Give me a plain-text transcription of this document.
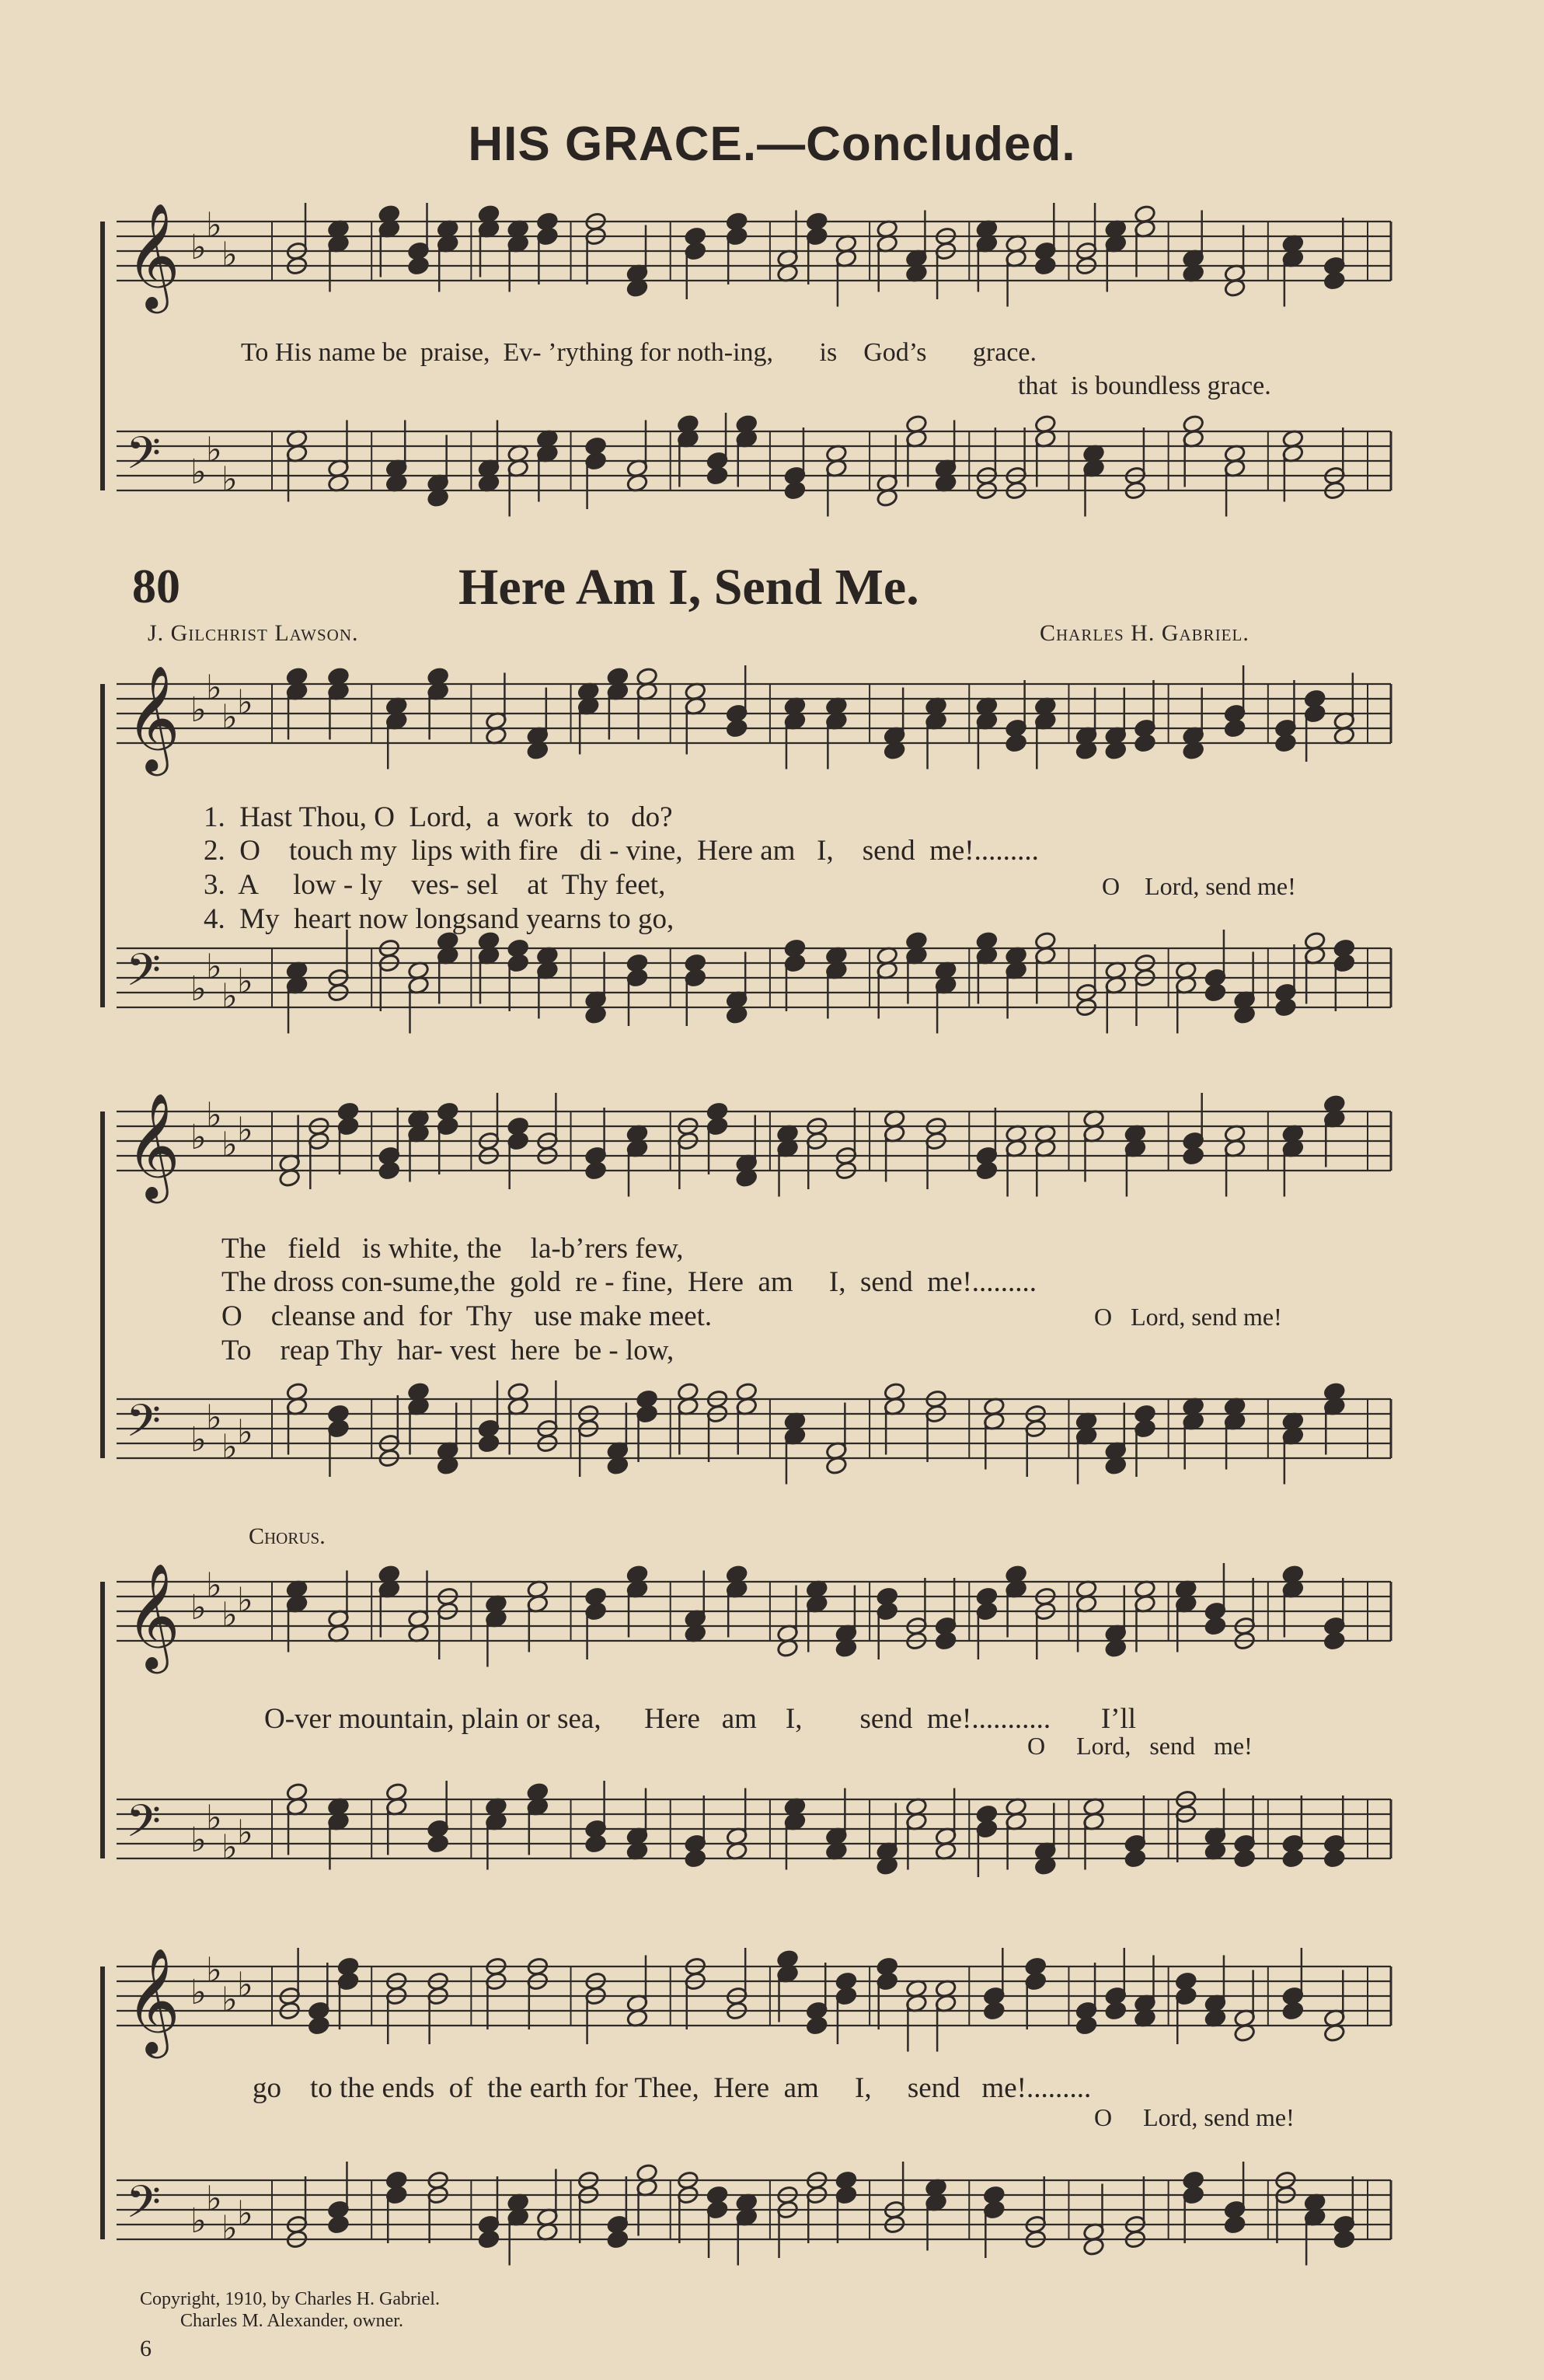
HIS GRACE.—Concluded.
𝄞 ♭
♭
♭
𝄢 ♭
♭
♭
𝄞 ♭
♭
♭ ♭
𝄢 ♭
♭
♭ ♭
𝄞 ♭
♭
♭ ♭
𝄢 ♭
♭
♭ ♭
𝄞 ♭
♭
♭ ♭
𝄢 ♭
♭
♭ ♭
𝄞 ♭
♭
♭ ♭
𝄢 ♭
♭
♭ ♭
To His name be  praise,  Ev- ’rything for noth-ing,       is    God’s       grace.
that  is boundless grace.
80	Here Am I, Send Me.
J. Gilchrist Lawson.	Charles H. Gabriel.
1.  Hast Thou, O  Lord,  a  work  to   do?
2.  O    touch my  lips with fire   di - vine,  Here am   I,    send  me!.........
3.  A     low - ly    ves- sel    at  Thy feet,
4.  My  heart now longsand yearns to go,
O    Lord, send me!
The   field   is white, the    la-b’rers few,
The dross con-sume,the  gold  re - fine,  Here  am     I,  send  me!.........
O    cleanse and  for  Thy   use make meet.
To    reap Thy  har- vest  here  be - low,
O   Lord, send me!
Chorus.
O-ver mountain, plain or sea,      Here   am    I,        send  me!...........       I’ll
O     Lord,   send   me!
go    to the ends  of  the earth for Thee,  Here  am     I,     send   me!.........
O     Lord, send me!
Copyright, 1910, by Charles H. Gabriel.
Charles M. Alexander, owner.
6
